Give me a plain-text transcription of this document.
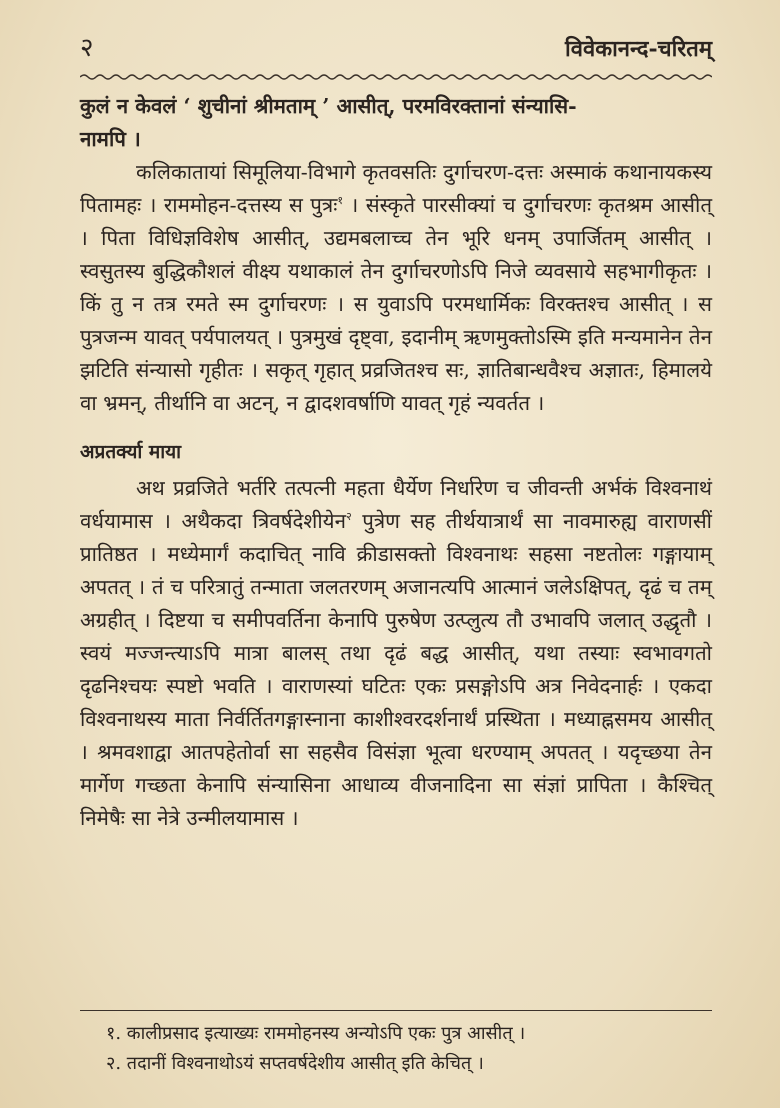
२	विवेकानन्द-चरितम्

कुलं न केवलं ‘ शुचीनां श्रीमताम् ’ आसीत्, परमविरक्तानां संन्यासि-
नामपि ।

कलिकातायां सिमूलिया-विभागे कृतवसतिः दुर्गाचरण-दत्तः अस्माकं कथानायकस्य पितामहः । राममोहन-दत्तस्य स पुत्रः$^१$ । संस्कृते पारसीक्यां च दुर्गाचरणः कृतश्रम आसीत् । पिता विधिज्ञविशेष आसीत्, उद्यमबलाच्च तेन भूरि धनम् उपार्जितम् आसीत् । स्वसुतस्य बुद्धिकौशलं वीक्ष्य यथाकालं तेन दुर्गाचरणोऽपि निजे व्यवसाये सहभागीकृतः । किं तु न तत्र रमते स्म दुर्गाचरणः । स युवाऽपि परमधार्मिकः विरक्तश्च आसीत् । स पुत्रजन्म यावत् पर्यपालयत् । पुत्रमुखं दृष्ट्वा, इदानीम् ऋणमुक्तोऽस्मि इति मन्यमानेन तेन झटिति संन्यासो गृहीतः । सकृत् गृहात् प्रव्रजितश्च सः, ज्ञातिबान्धवैश्च अज्ञातः, हिमालये वा भ्रमन्, तीर्थानि वा अटन्, न द्वादशवर्षाणि यावत् गृहं न्यवर्तत ।

अप्रतर्क्या माया

अथ प्रव्रजिते भर्तरि तत्पत्नी महता धैर्येण निर्धारेण च जीवन्ती अर्भकं विश्वनाथं वर्धयामास । अथैकदा त्रिवर्षदेशीयेन$^२$ पुत्रेण सह तीर्थयात्रार्थं सा नावमारुह्य वाराणसीं प्रातिष्ठत । मध्येमार्गं कदाचित् नावि क्रीडासक्तो विश्वनाथः सहसा नष्टतोलः गङ्गायाम् अपतत् । तं च परित्रातुं तन्माता जलतरणम् अजानत्यपि आत्मानं जलेऽक्षिपत्, दृढं च तम् अग्रहीत् । दिष्टया च समीपवर्तिना केनापि पुरुषेण उत्प्लुत्य तौ उभावपि जलात् उद्धृतौ । स्वयं मज्जन्त्याऽपि मात्रा बालस् तथा दृढं बद्ध आसीत्, यथा तस्याः स्वभावगतो दृढनिश्चयः स्पष्टो भवति । वाराणस्यां घटितः एकः प्रसङ्गोऽपि अत्र निवेदनार्हः । एकदा विश्वनाथस्य माता निर्वर्तितगङ्गास्नाना काशीश्वरदर्शनार्थं प्रस्थिता । मध्याह्नसमय आसीत् । श्रमवशाद्वा आतपहेतोर्वा सा सहसैव विसंज्ञा भूत्वा धरण्याम् अपतत् । यदृच्छया तेन मार्गेण गच्छता केनापि संन्यासिना आधाव्य वीजनादिना सा संज्ञां प्रापिता । कैश्चित् निमेषैः सा नेत्रे उन्मीलयामास ।

१. कालीप्रसाद इत्याख्यः राममोहनस्य अन्योऽपि एकः पुत्र आसीत् ।
२. तदानीं विश्वनाथोऽयं सप्तवर्षदेशीय आसीत् इति केचित् ।
